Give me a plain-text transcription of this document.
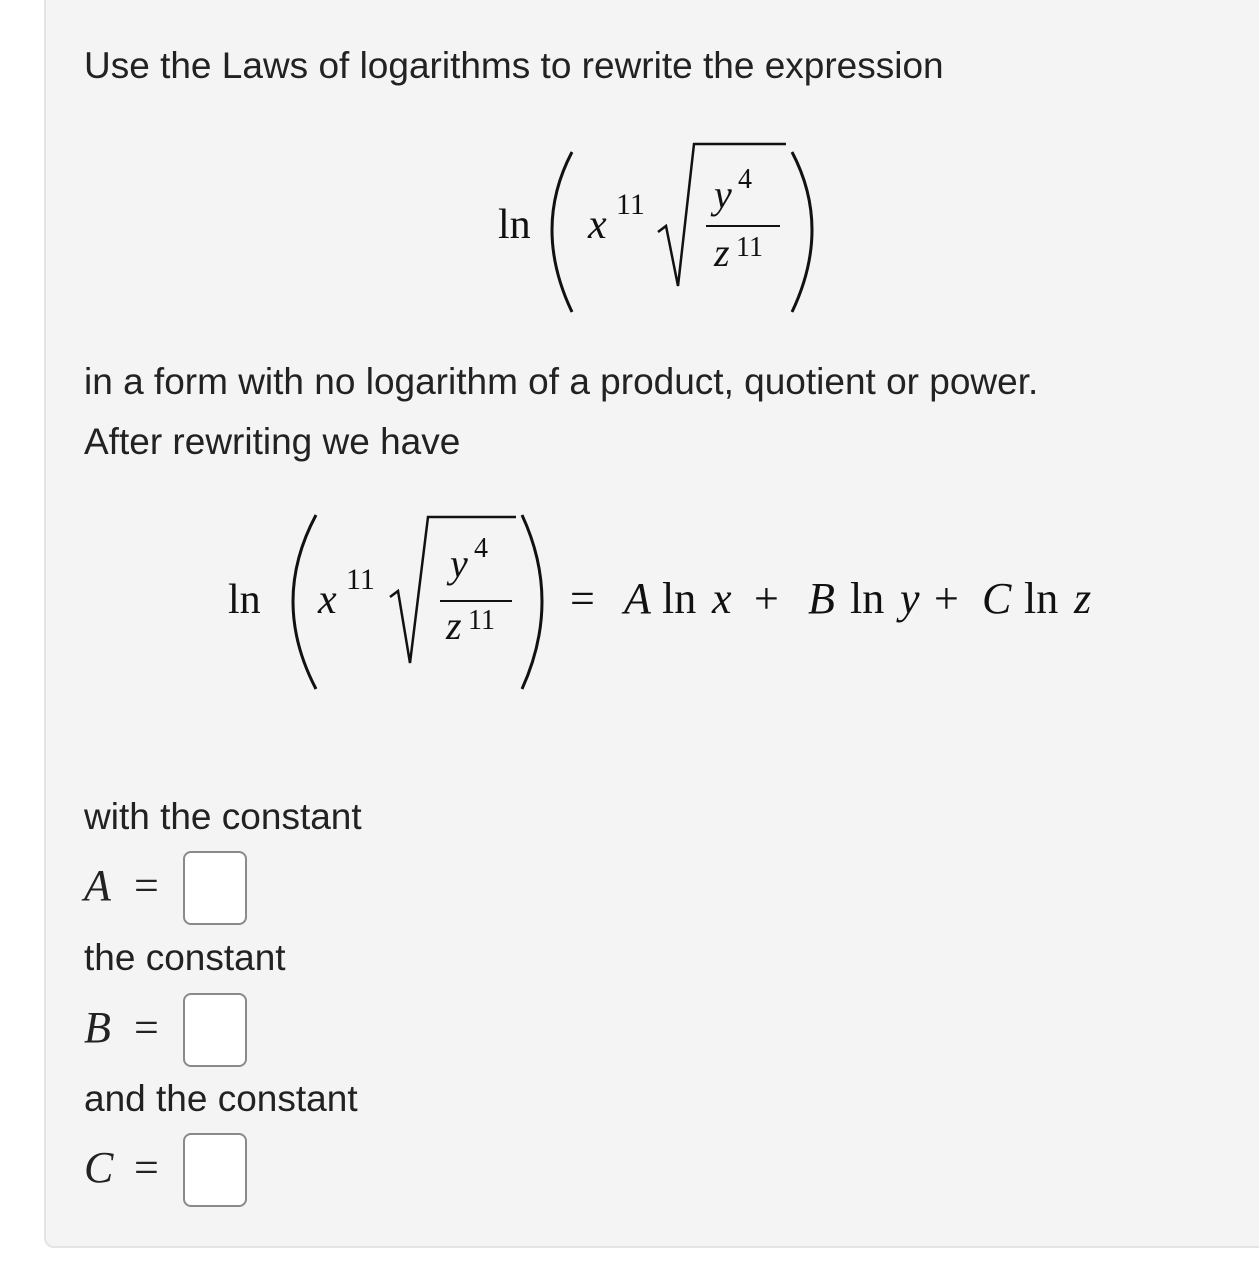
Use the Laws of logarithms to rewrite the expression
ln x 11 y 4
z 11
in a form with no logarithm of a product, quotient or power.
After rewriting we have
ln x 11 y 4
z 11 = A ln x + B ln y + C ln z
with the constant
A =
the constant
B =
and the constant
C =
